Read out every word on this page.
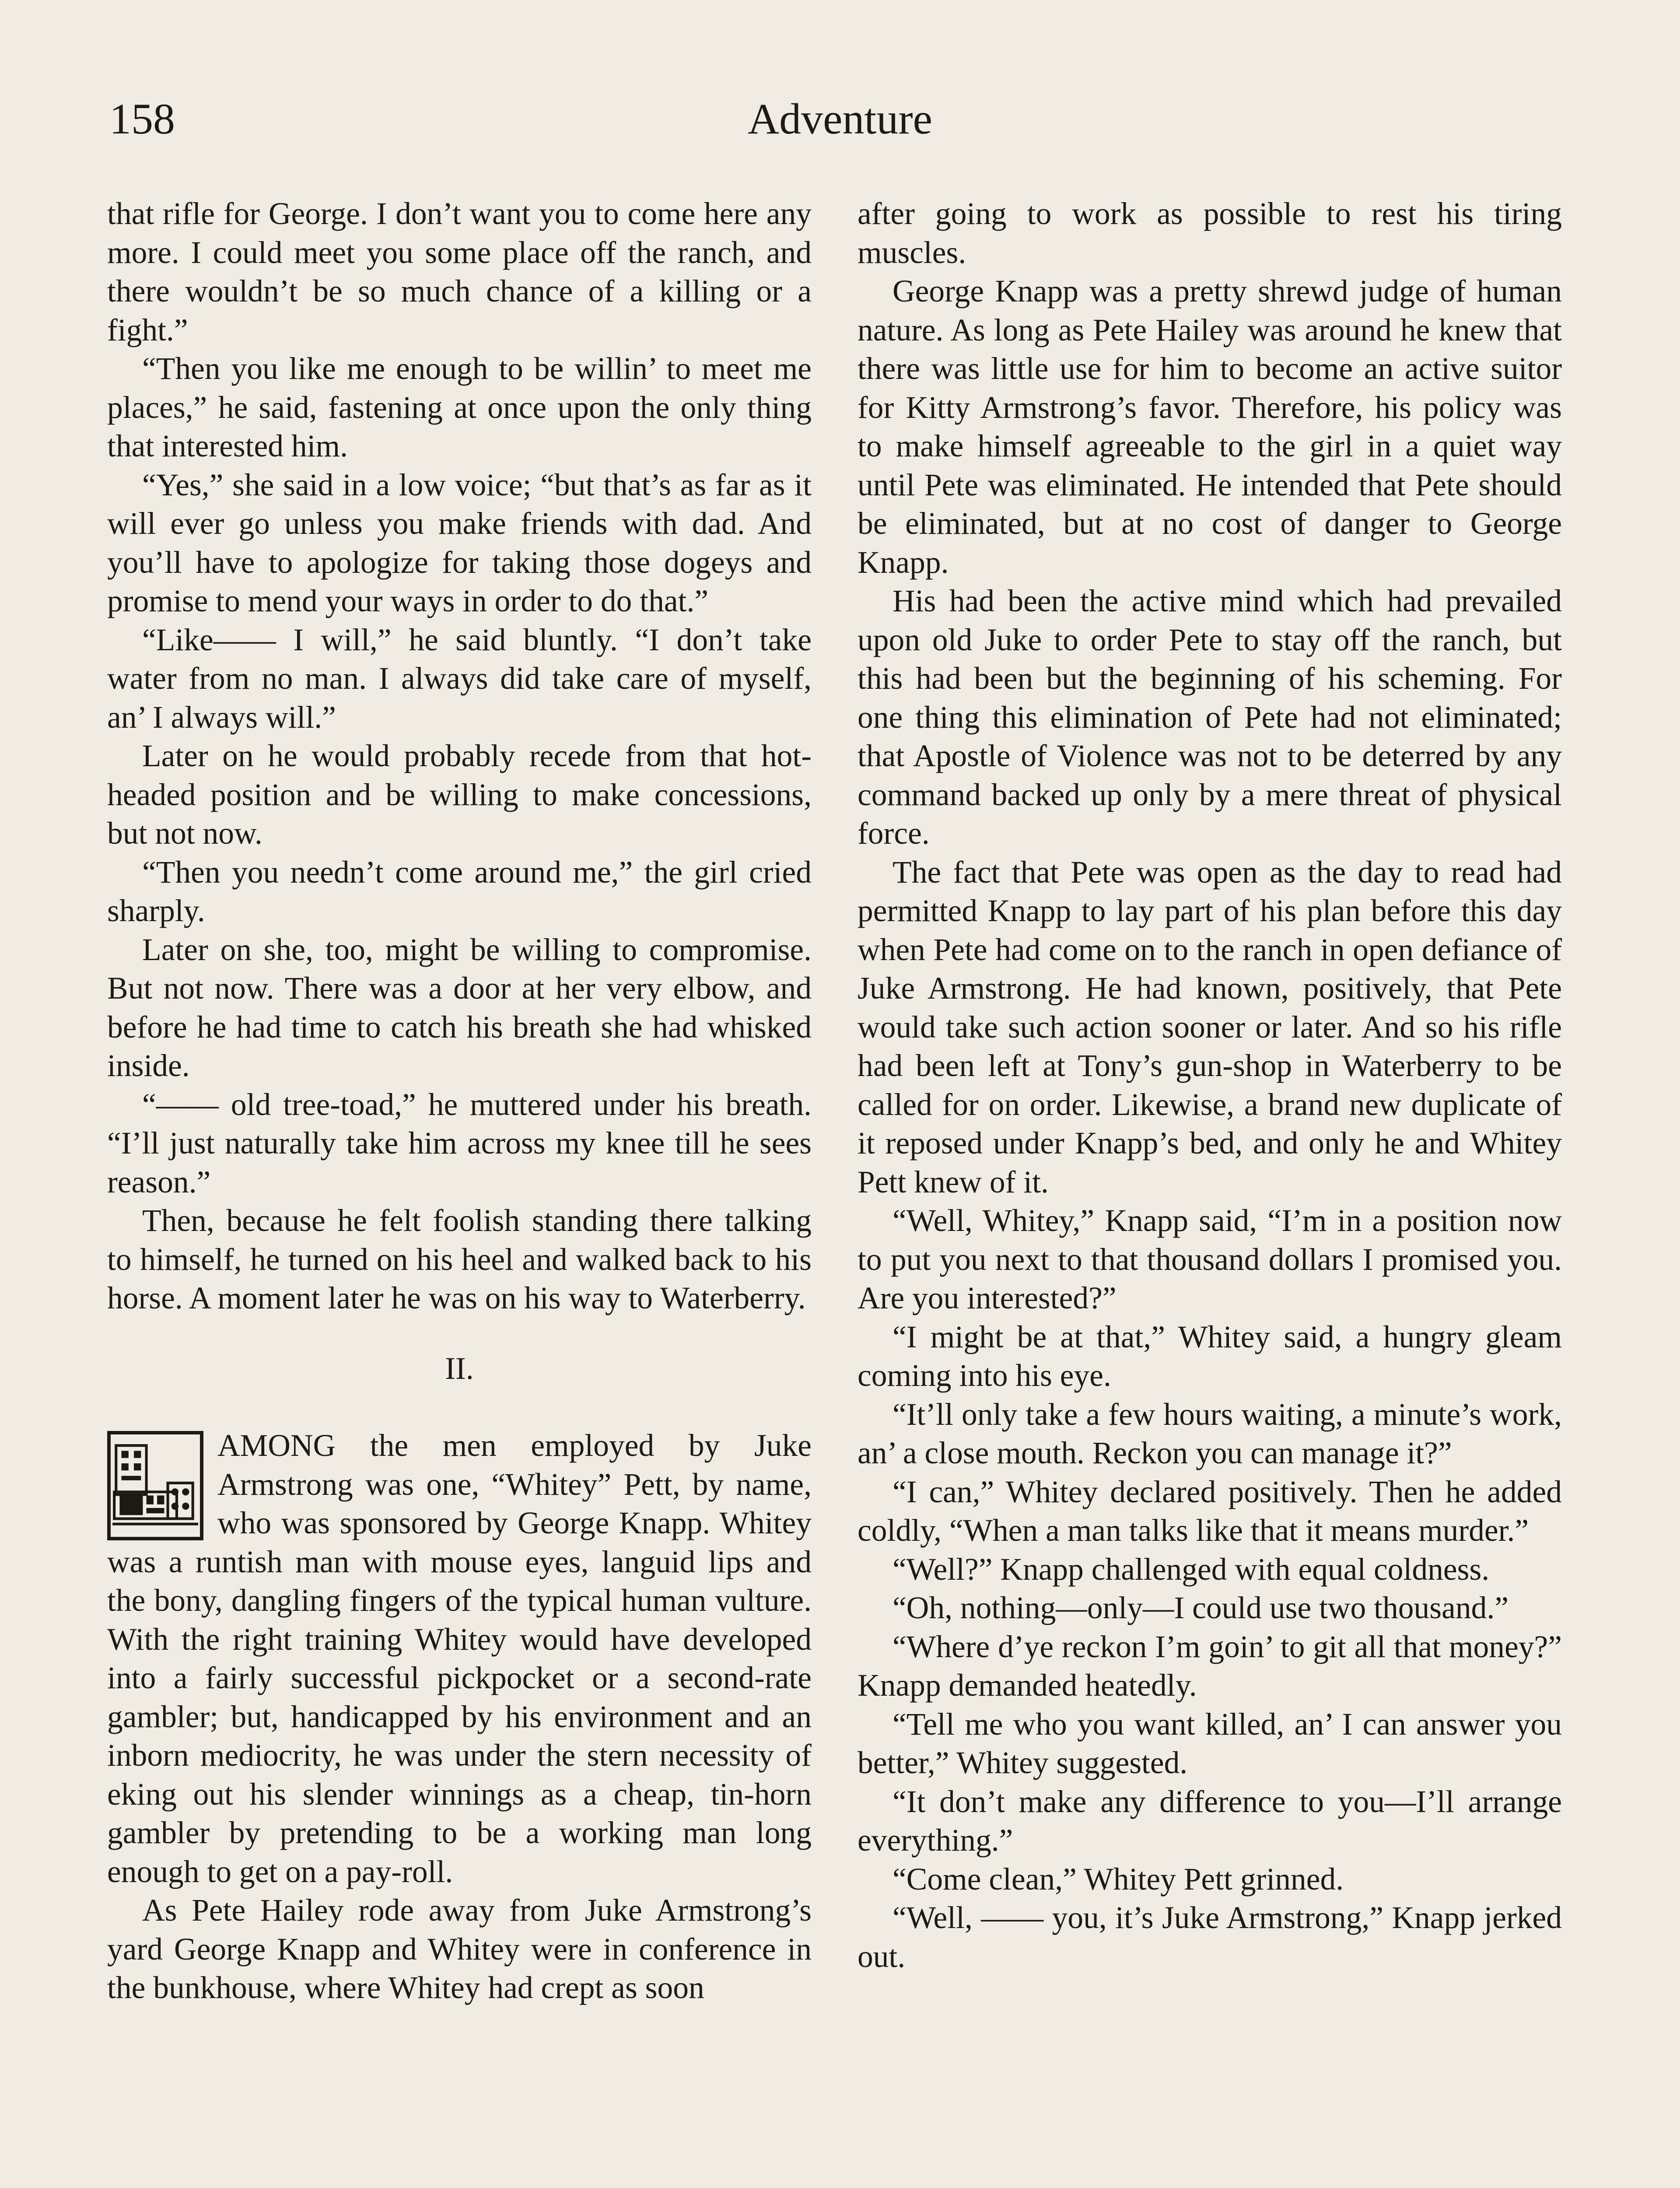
158	Adventure

that rifle for George. I don’t want you to come here any more. I could meet you some place off the ranch, and there wouldn’t be so much chance of a killing or a fight.”

“Then you like me enough to be willin’ to meet me places,” he said, fastening at once upon the only thing that interested him.

“Yes,” she said in a low voice; “but that’s as far as it will ever go unless you make friends with dad. And you’ll have to apologize for taking those dogeys and promise to mend your ways in order to do that.”

“Like—— I will,” he said bluntly. “I don’t take water from no man. I always did take care of myself, an’ I always will.”

Later on he would probably recede from that hot-headed position and be willing to make concessions, but not now.

“Then you needn’t come around me,” the girl cried sharply.

Later on she, too, might be willing to compromise. But not now. There was a door at her very elbow, and before he had time to catch his breath she had whisked inside.

“—— old tree-toad,” he muttered under his breath. “I’ll just naturally take him across my knee till he sees reason.”

Then, because he felt foolish standing there talking to himself, he turned on his heel and walked back to his horse. A moment later he was on his way to Waterberry.

II.

AMONG the men employed by Juke Armstrong was one, “Whitey” Pett, by name, who was sponsored by George Knapp. Whitey was a runtish man with mouse eyes, languid lips and the bony, dangling fingers of the typical human vulture. With the right training Whitey would have developed into a fairly successful pickpocket or a second-rate gambler; but, handicapped by his environment and an inborn mediocrity, he was under the stern necessity of eking out his slender winnings as a cheap, tin-horn gambler by pretending to be a working man long enough to get on a pay-roll.

As Pete Hailey rode away from Juke Armstrong’s yard George Knapp and Whitey were in conference in the bunkhouse, where Whitey had crept as soon

after going to work as possible to rest his tiring muscles.

George Knapp was a pretty shrewd judge of human nature. As long as Pete Hailey was around he knew that there was little use for him to become an active suitor for Kitty Armstrong’s favor. Therefore, his policy was to make himself agreeable to the girl in a quiet way until Pete was eliminated. He intended that Pete should be eliminated, but at no cost of danger to George Knapp.

His had been the active mind which had prevailed upon old Juke to order Pete to stay off the ranch, but this had been but the beginning of his scheming. For one thing this elimination of Pete had not eliminated; that Apostle of Violence was not to be deterred by any command backed up only by a mere threat of physical force.

The fact that Pete was open as the day to read had permitted Knapp to lay part of his plan before this day when Pete had come on to the ranch in open defiance of Juke Armstrong. He had known, positively, that Pete would take such action sooner or later. And so his rifle had been left at Tony’s gun-shop in Waterberry to be called for on order. Likewise, a brand new duplicate of it reposed under Knapp’s bed, and only he and Whitey Pett knew of it.

“Well, Whitey,” Knapp said, “I’m in a position now to put you next to that thousand dollars I promised you. Are you interested?”

“I might be at that,” Whitey said, a hungry gleam coming into his eye.

“It’ll only take a few hours waiting, a minute’s work, an’ a close mouth. Reckon you can manage it?”

“I can,” Whitey declared positively. Then he added coldly, “When a man talks like that it means murder.”

“Well?” Knapp challenged with equal coldness.

“Oh, nothing—only—I could use two thousand.”

“Where d’ye reckon I’m goin’ to git all that money?” Knapp demanded heatedly.

“Tell me who you want killed, an’ I can answer you better,” Whitey suggested.

“It don’t make any difference to you—I’ll arrange everything.”

“Come clean,” Whitey Pett grinned.

“Well, —— you, it’s Juke Armstrong,” Knapp jerked out.
